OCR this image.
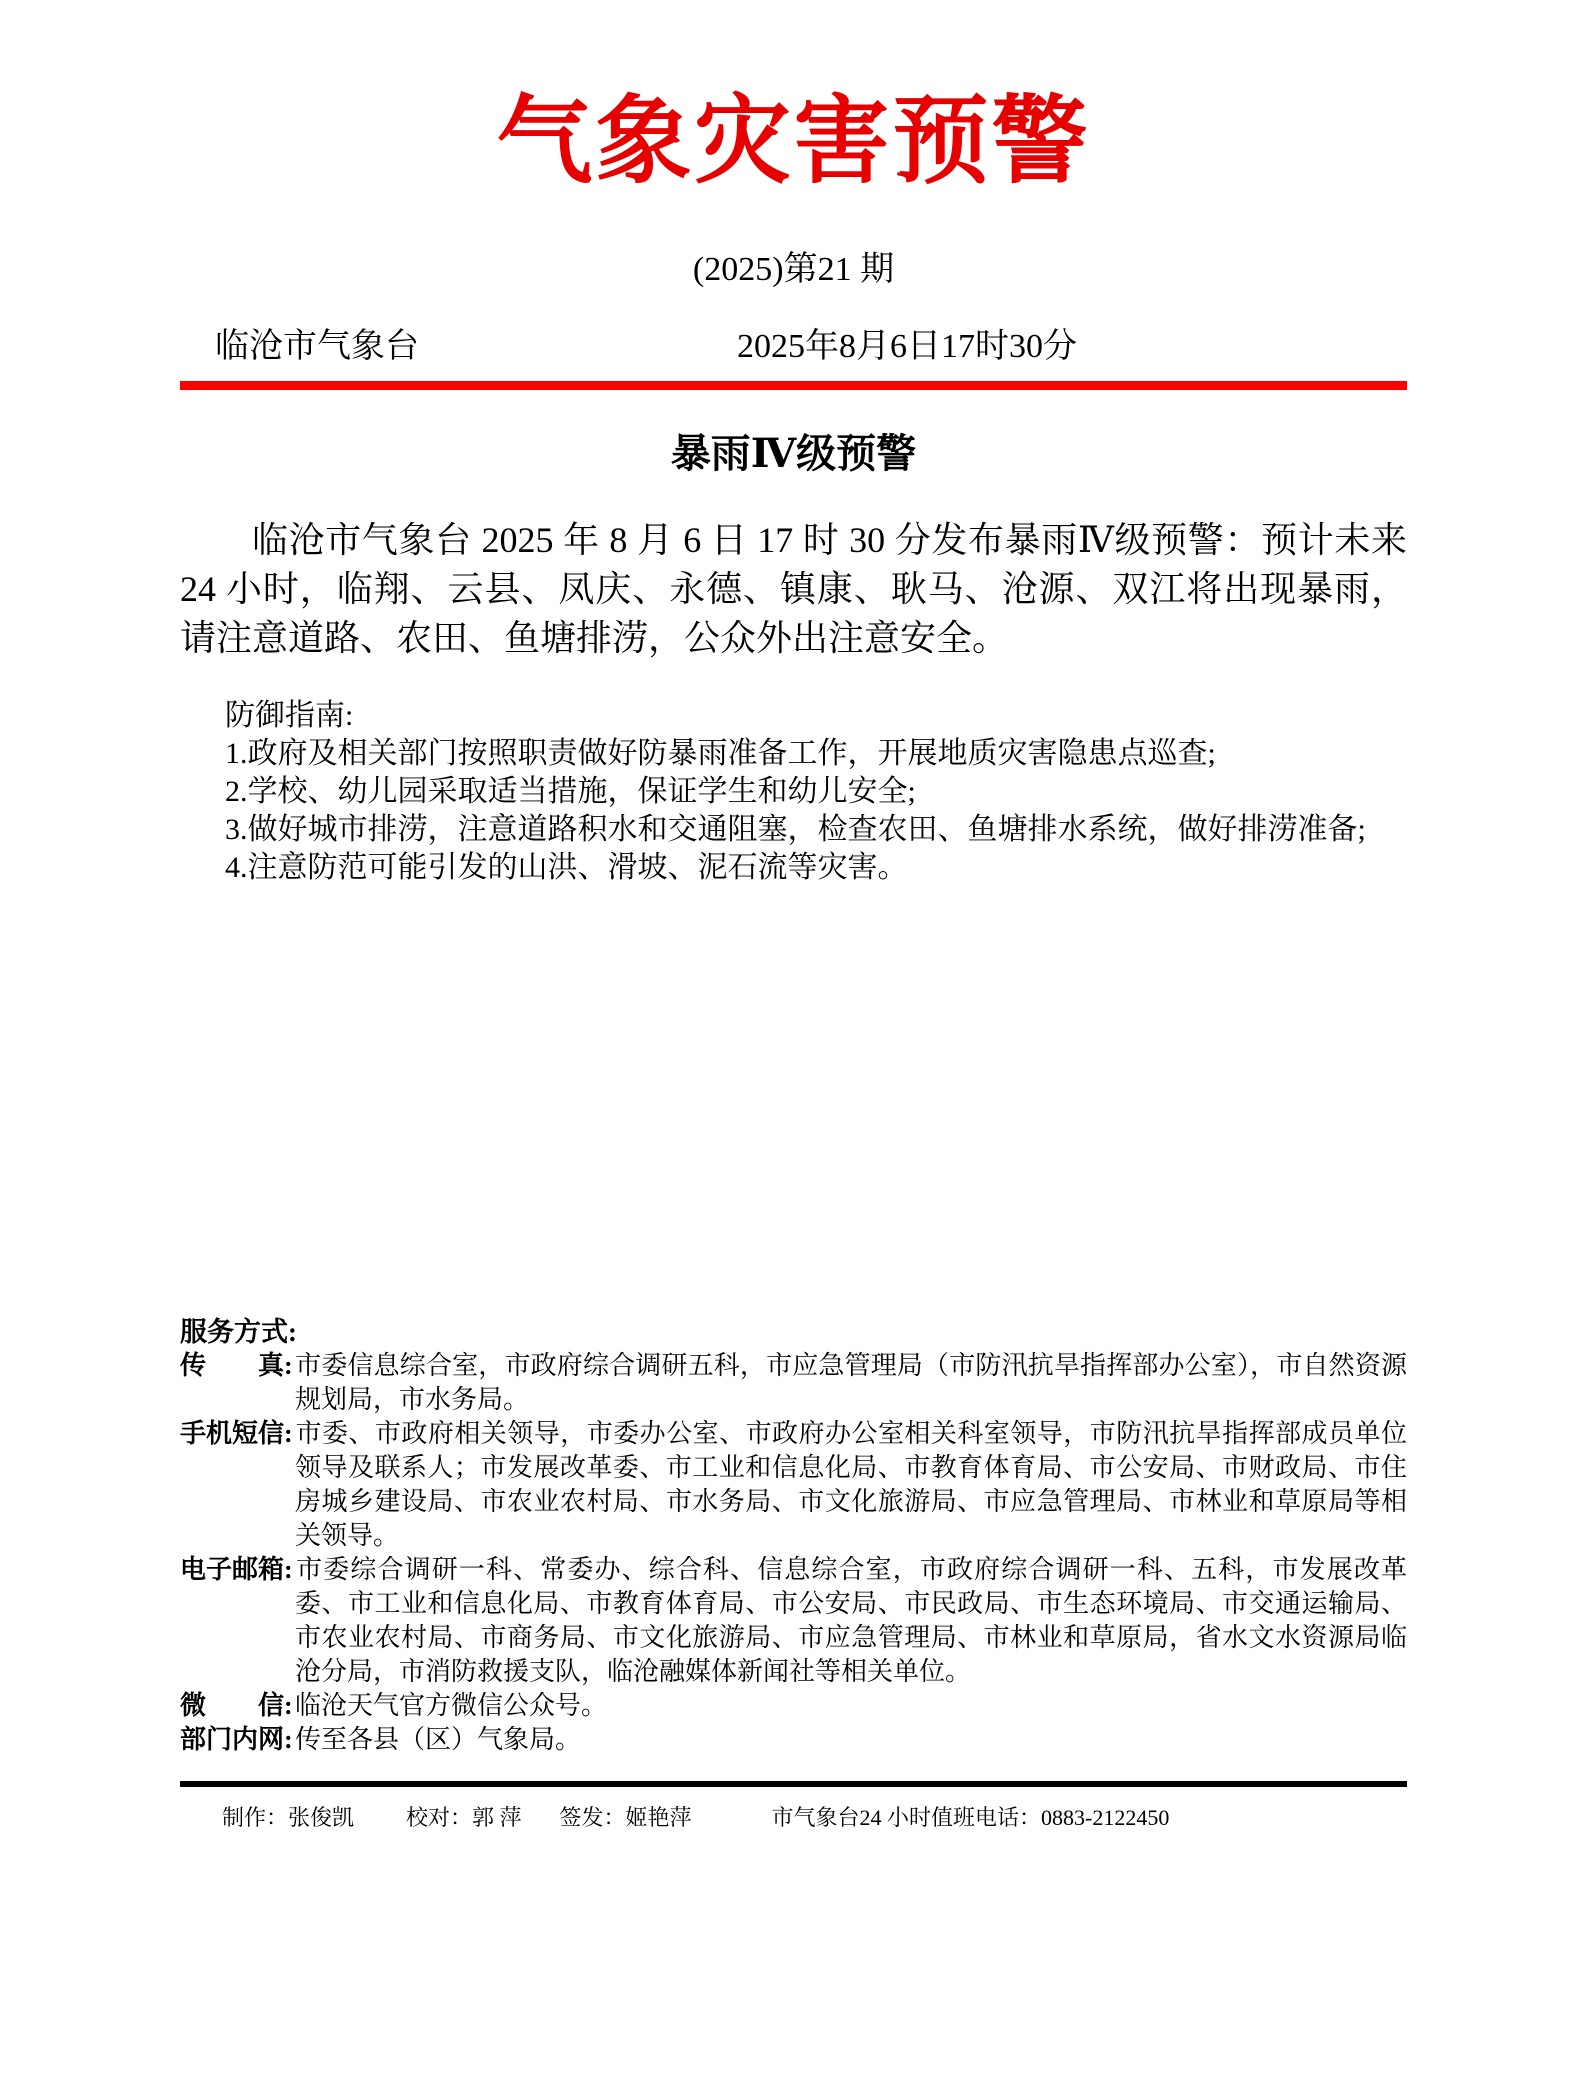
气象灾害预警
(2025)第21 期
临沧市气象台	2025年8月6日17时30分
暴雨Ⅳ级预警

临沧市气象台 2025 年 8 月 6 日 17 时 30 分发布暴雨Ⅳ级预警：预计未来 24 小时，临翔、云县、凤庆、永德、镇康、耿马、沧源、双江将出现暴雨，请注意道路、农田、鱼塘排涝，公众外出注意安全。

防御指南:

1.政府及相关部门按照职责做好防暴雨准备工作，开展地质灾害隐患点巡查;

2.学校、幼儿园采取适当措施，保证学生和幼儿安全;

3.做好城市排涝，注意道路积水和交通阻塞，检查农田、鱼塘排水系统，做好排涝准备;

4.注意防范可能引发的山洪、滑坡、泥石流等灾害。

服务方式:
传　　真:市委信息综合室，市政府综合调研五科，市应急管理局（市防汛抗旱指挥部办公室），市自然资源规划局，市水务局。
手机短信:市委、市政府相关领导，市委办公室、市政府办公室相关科室领导，市防汛抗旱指挥部成员单位领导及联系人；市发展改革委、市工业和信息化局、市教育体育局、市公安局、市财政局、市住房城乡建设局、市农业农村局、市水务局、市文化旅游局、市应急管理局、市林业和草原局等相关领导。
电子邮箱:市委综合调研一科、常委办、综合科、信息综合室，市政府综合调研一科、五科，市发展改革委、市工业和信息化局、市教育体育局、市公安局、市民政局、市生态环境局、市交通运输局、市农业农村局、市商务局、市文化旅游局、市应急管理局、市林业和草原局，省水文水资源局临沧分局，市消防救援支队，临沧融媒体新闻社等相关单位。
微　　信:临沧天气官方微信公众号。
部门内网:传至各县（区）气象局。
制作：张俊凯 校对：郭 萍 签发：姬艳萍	市气象台24 小时值班电话：0883-2122450
